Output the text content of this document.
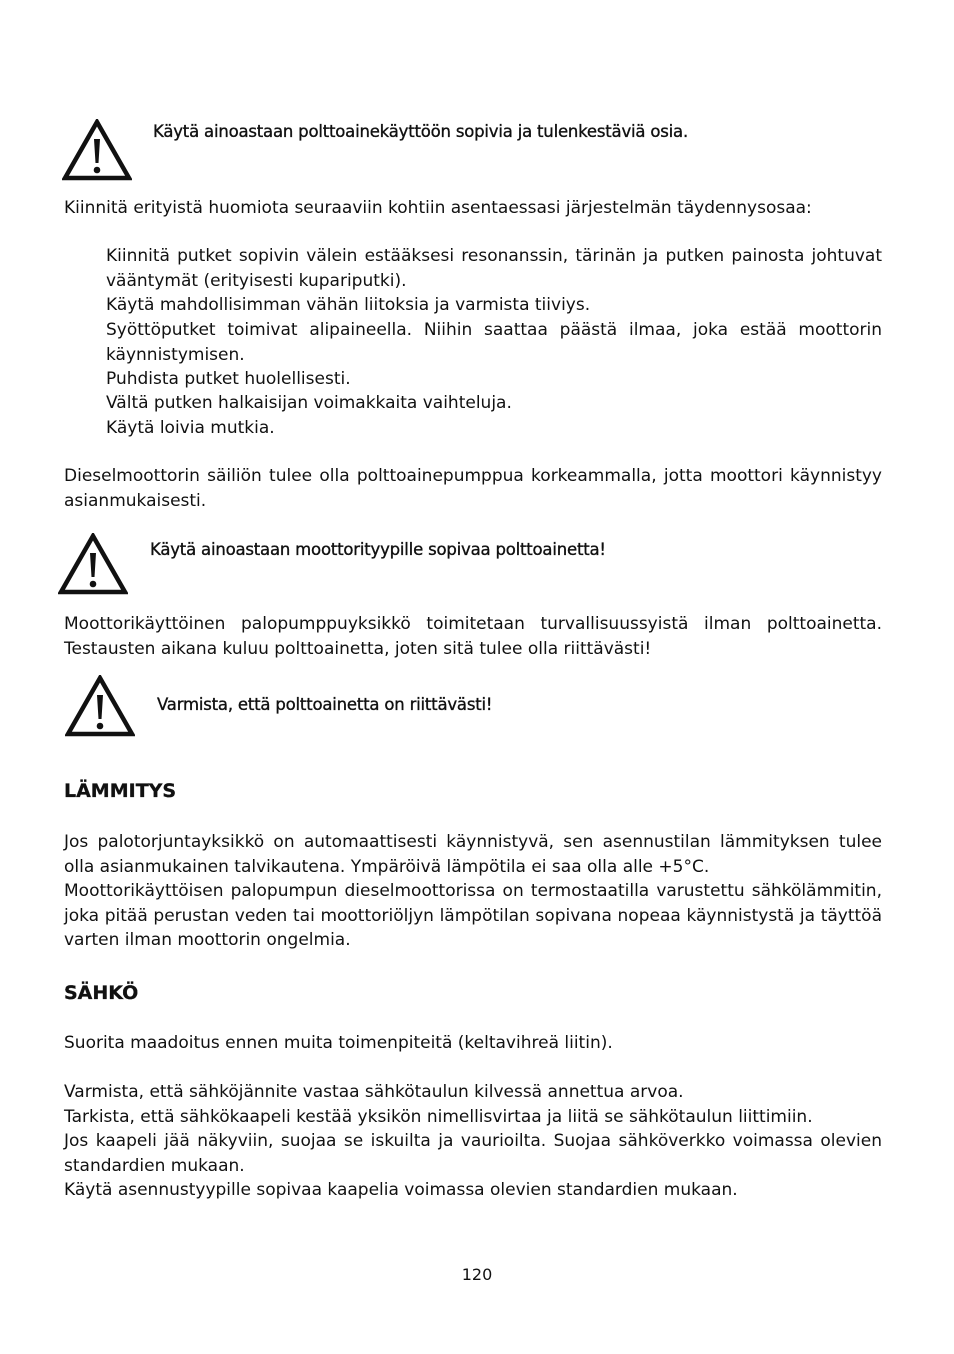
Käytä ainoastaan polttoainekäyttöön sopivia ja tulenkestäviä osia.

Kiinnitä erityistä huomiota seuraaviin kohtiin asentaessasi järjestelmän täydennysosaa:

Kiinnitä putket sopivin välein estääksesi resonanssin, tärinän ja putken painosta johtuvat vääntymät (erityisesti kupariputki).

Käytä mahdollisimman vähän liitoksia ja varmista tiiviys.

Syöttöputket toimivat alipaineella. Niihin saattaa päästä ilmaa, joka estää moottorin käynnistymisen.

Puhdista putket huolellisesti.

Vältä putken halkaisijan voimakkaita vaihteluja.

Käytä loivia mutkia.

Dieselmoottorin säiliön tulee olla polttoainepumppua korkeammalla, jotta moottori käynnistyy asianmukaisesti.

Käytä ainoastaan moottorityypille sopivaa polttoainetta!

Moottorikäyttöinen palopumppuyksikkö toimitetaan turvallisuussyistä ilman polttoainetta. Testausten aikana kuluu polttoainetta, joten sitä tulee olla riittävästi!

Varmista, että polttoainetta on riittävästi!
LÄMMITYS

Jos palotorjuntayksikkö on automaattisesti käynnistyvä, sen asennustilan lämmityksen tulee olla asianmukainen talvikautena. Ympäröivä lämpötila ei saa olla alle +5°C.

Moottorikäyttöisen palopumpun dieselmoottorissa on termostaatilla varustettu sähkölämmitin, joka pitää perustan veden tai moottoriöljyn lämpötilan sopivana nopeaa käynnistystä ja täyttöä varten ilman moottorin ongelmia.

SÄHKÖ

Suorita maadoitus ennen muita toimenpiteitä (keltavihreä liitin).

Varmista, että sähköjännite vastaa sähkötaulun kilvessä annettua arvoa.

Tarkista, että sähkökaapeli kestää yksikön nimellisvirtaa ja liitä se sähkötaulun liittimiin.

Jos kaapeli jää näkyviin, suojaa se iskuilta ja vaurioilta. Suojaa sähköverkko voimassa olevien standardien mukaan.

Käytä asennustyypille sopivaa kaapelia voimassa olevien standardien mukaan.

120
